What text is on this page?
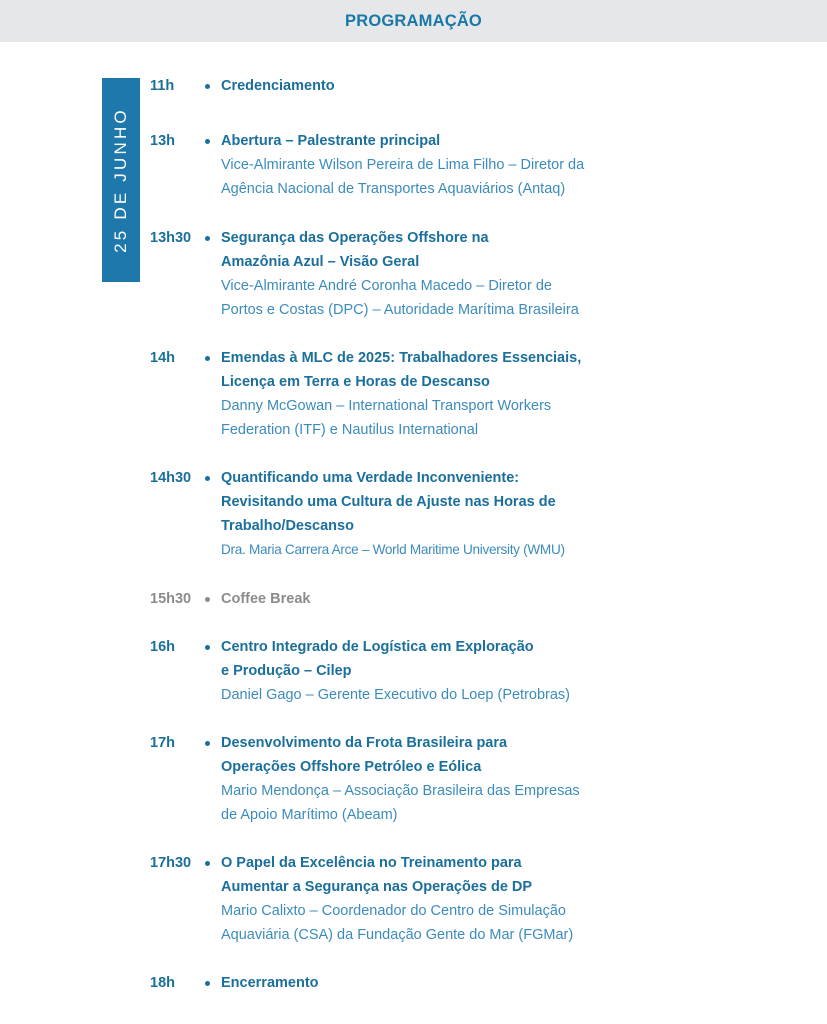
PROGRAMAÇÃO
25 DE JUNHO
11h	Credenciamento
13h	Abertura – Palestrante principal
Vice-Almirante Wilson Pereira de Lima Filho – Diretor da
Agência Nacional de Transportes Aquaviários (Antaq)
13h30 Segurança das Operações Offshore na
Amazônia Azul – Visão Geral
Vice-Almirante André Coronha Macedo – Diretor de
Portos e Costas (DPC) – Autoridade Marítima Brasileira
14h	Emendas à MLC de 2025: Trabalhadores Essenciais,
Licença em Terra e Horas de Descanso
Danny McGowan – International Transport Workers
Federation (ITF) e Nautilus International
14h30 Quantificando uma Verdade Inconveniente:
Revisitando uma Cultura de Ajuste nas Horas de
Trabalho/Descanso
Dra. Maria Carrera Arce – World Maritime University (WMU)
15h30 Coffee Break
16h	Centro Integrado de Logística em Exploração
e Produção – Cilep
Daniel Gago – Gerente Executivo do Loep (Petrobras)
17h	Desenvolvimento da Frota Brasileira para
Operações Offshore Petróleo e Eólica
Mario Mendonça – Associação Brasileira das Empresas
de Apoio Marítimo (Abeam)
17h30 O Papel da Excelência no Treinamento para
Aumentar a Segurança nas Operações de DP
Mario Calixto – Coordenador do Centro de Simulação
Aquaviária (CSA) da Fundação Gente do Mar (FGMar)
18h	Encerramento
